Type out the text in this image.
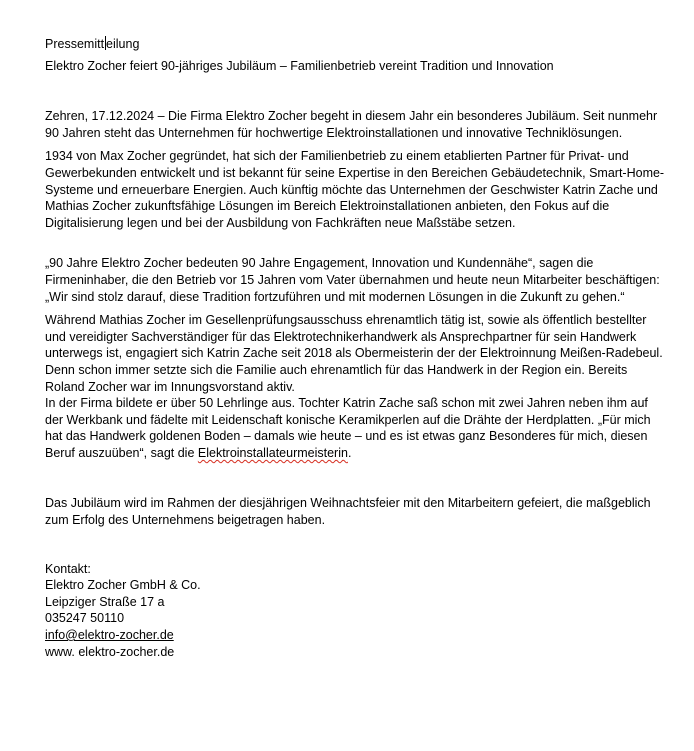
Pressemitt eilung

Elektro Zocher feiert 90-jähriges Jubiläum – Familienbetrieb vereint Tradition und Innovation

Zehren, 17.12.2024 – Die Firma Elektro Zocher begeht in diesem Jahr ein besonderes Jubiläum. Seit nunmehr 90 Jahren steht das Unternehmen für hochwertige Elektroinstallationen und innovative Techniklösungen.

1934 von Max Zocher gegründet, hat sich der Familienbetrieb zu einem etablierten Partner für Privat- und Gewerbekunden entwickelt und ist bekannt für seine Expertise in den Bereichen Gebäudetechnik, Smart-Home-Systeme und erneuerbare Energien. Auch künftig möchte das Unternehmen der Geschwister Katrin Zache und Mathias Zocher zukunftsfähige Lösungen im Bereich Elektroinstallationen anbieten, den Fokus auf die Digitalisierung legen und bei der Ausbildung von Fachkräften neue Maßstäbe setzen.

„90 Jahre Elektro Zocher bedeuten 90 Jahre Engagement, Innovation und Kundennähe“, sagen die Firmeninhaber, die den Betrieb vor 15 Jahren vom Vater übernahmen und heute neun Mitarbeiter beschäftigen: „Wir sind stolz darauf, diese Tradition fortzuführen und mit modernen Lösungen in die Zukunft zu gehen.“

Während Mathias Zocher im Gesellenprüfungsausschuss ehrenamtlich tätig ist, sowie als öffentlich bestellter und vereidigter Sachverständiger für das Elektrotechnikerhandwerk als Ansprechpartner für sein Handwerk unterwegs ist, engagiert sich Katrin Zache seit 2018 als Obermeisterin der der Elektroinnung Meißen-Radebeul. Denn schon immer setzte sich die Familie auch ehrenamtlich für das Handwerk in der Region ein. Bereits Roland Zocher war im Innungsvorstand aktiv.
In der Firma bildete er über 50 Lehrlinge aus. Tochter Katrin Zache saß schon mit zwei Jahren neben ihm auf der Werkbank und fädelte mit Leidenschaft konische Keramikperlen auf die Drähte der Herdplatten. „Für mich hat das Handwerk goldenen Boden – damals wie heute – und es ist etwas ganz Besonderes für mich, diesen Beruf auszuüben“, sagt die Elektroinstallateurmeisterin.

Das Jubiläum wird im Rahmen der diesjährigen Weihnachtsfeier mit den Mitarbeitern gefeiert, die maßgeblich zum Erfolg des Unternehmens beigetragen haben.

Kontakt:
Elektro Zocher GmbH & Co.
Leipziger Straße 17 a
035247 50110
info@elektro-zocher.de
www. elektro-zocher.de
